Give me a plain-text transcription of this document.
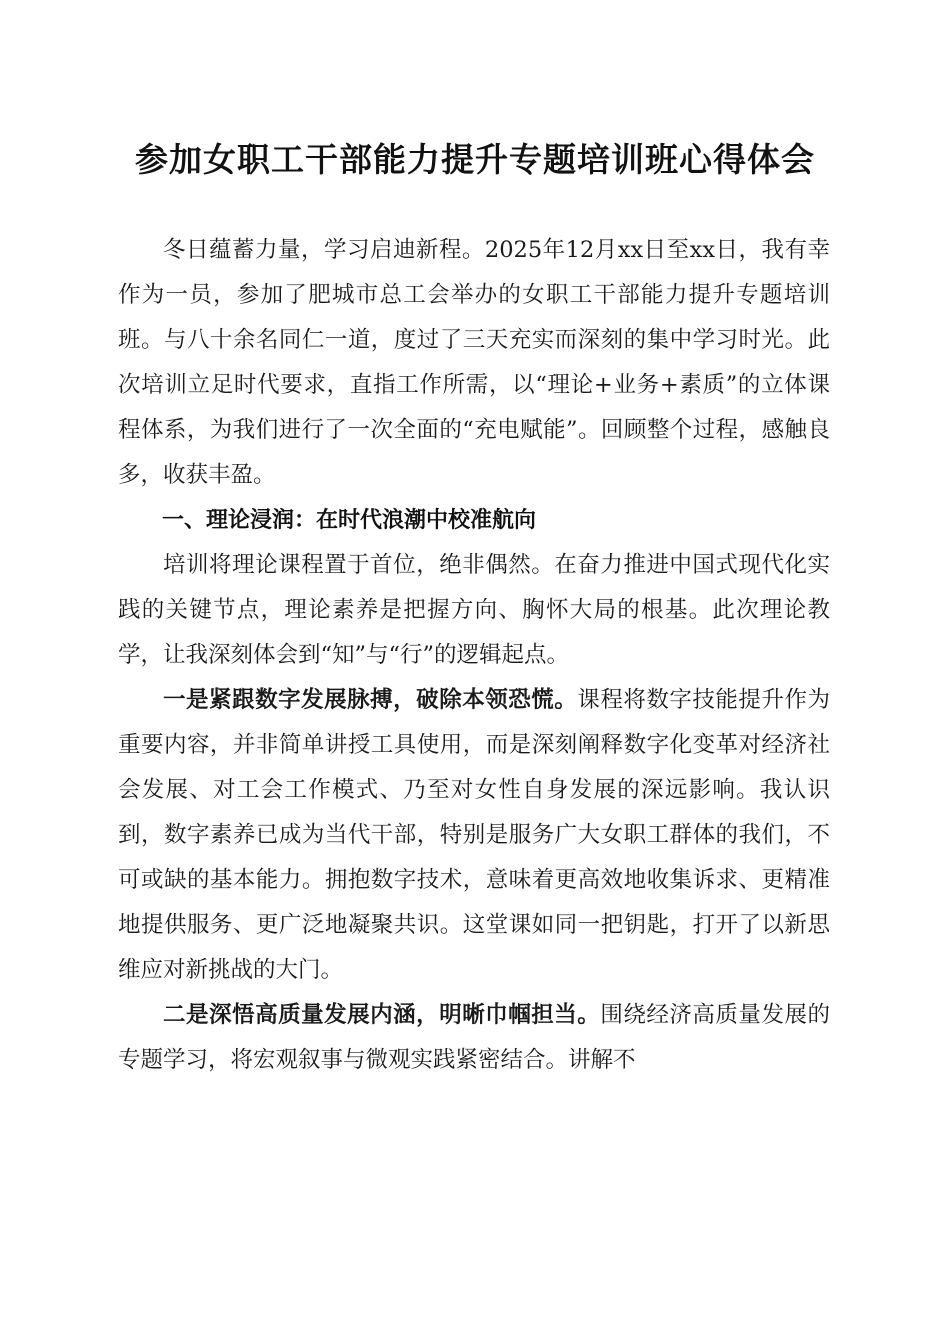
参加女职工干部能力提升专题培训班心得体会

冬日蕴蓄力量，学习启迪新程。2025年12月xx日至xx日，我有幸作为一员，参加了肥城市总工会举办的女职工干部能力提升专题培训班。与八十余名同仁一道，度过了三天充实而深刻的集中学习时光。此次培训立足时代要求，直指工作所需，以“理论+业务+素质”的立体课程体系，为我们进行了一次全面的“充电赋能”。回顾整个过程，感触良多，收获丰盈。

一、理论浸润：在时代浪潮中校准航向

培训将理论课程置于首位，绝非偶然。在奋力推进中国式现代化实践的关键节点，理论素养是把握方向、胸怀大局的根基。此次理论教学，让我深刻体会到“知”与“行”的逻辑起点。

一是紧跟数字发展脉搏，破除本领恐慌。课程将数字技能提升作为重要内容，并非简单讲授工具使用，而是深刻阐释数字化变革对经济社会发展、对工会工作模式、乃至对女性自身发展的深远影响。我认识到，数字素养已成为当代干部，特别是服务广大女职工群体的我们，不可或缺的基本能力。拥抱数字技术，意味着更高效地收集诉求、更精准地提供服务、更广泛地凝聚共识。这堂课如同一把钥匙，打开了以新思维应对新挑战的大门。

二是深悟高质量发展内涵，明晰巾帼担当。围绕经济高质量发展的专题学习，将宏观叙事与微观实践紧密结合。讲解不
